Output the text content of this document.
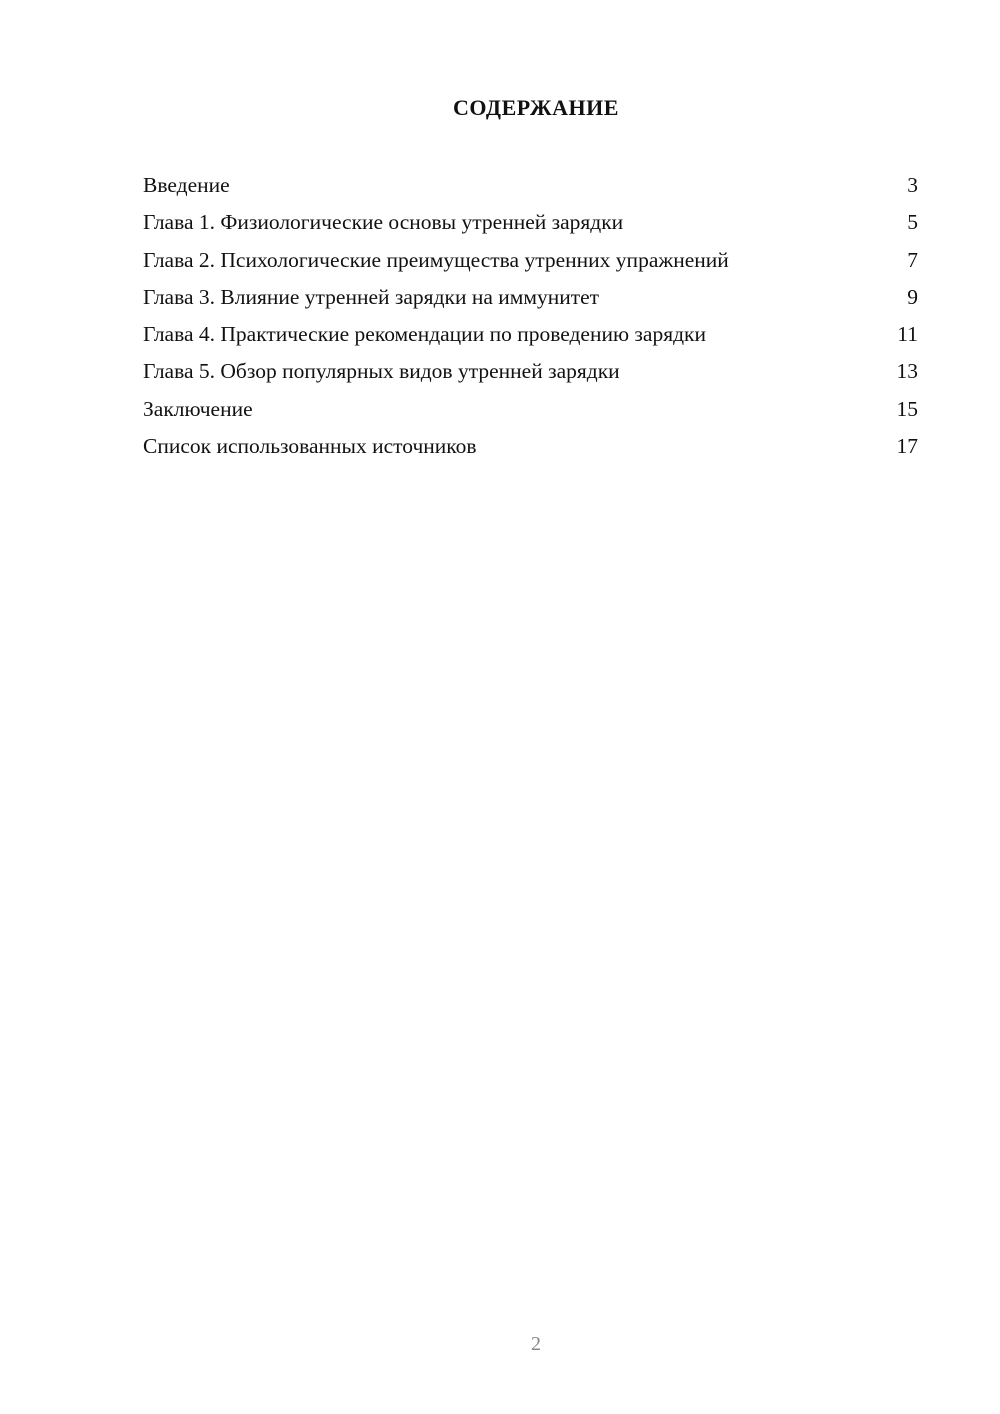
СОДЕРЖАНИЕ
Введение	3
Глава 1. Физиологические основы утренней зарядки	5
Глава 2. Психологические преимущества утренних упражнений	7
Глава 3. Влияние утренней зарядки на иммунитет	9
Глава 4. Практические рекомендации по проведению зарядки	11
Глава 5. Обзор популярных видов утренней зарядки	13
Заключение	15
Список использованных источников	17
2
